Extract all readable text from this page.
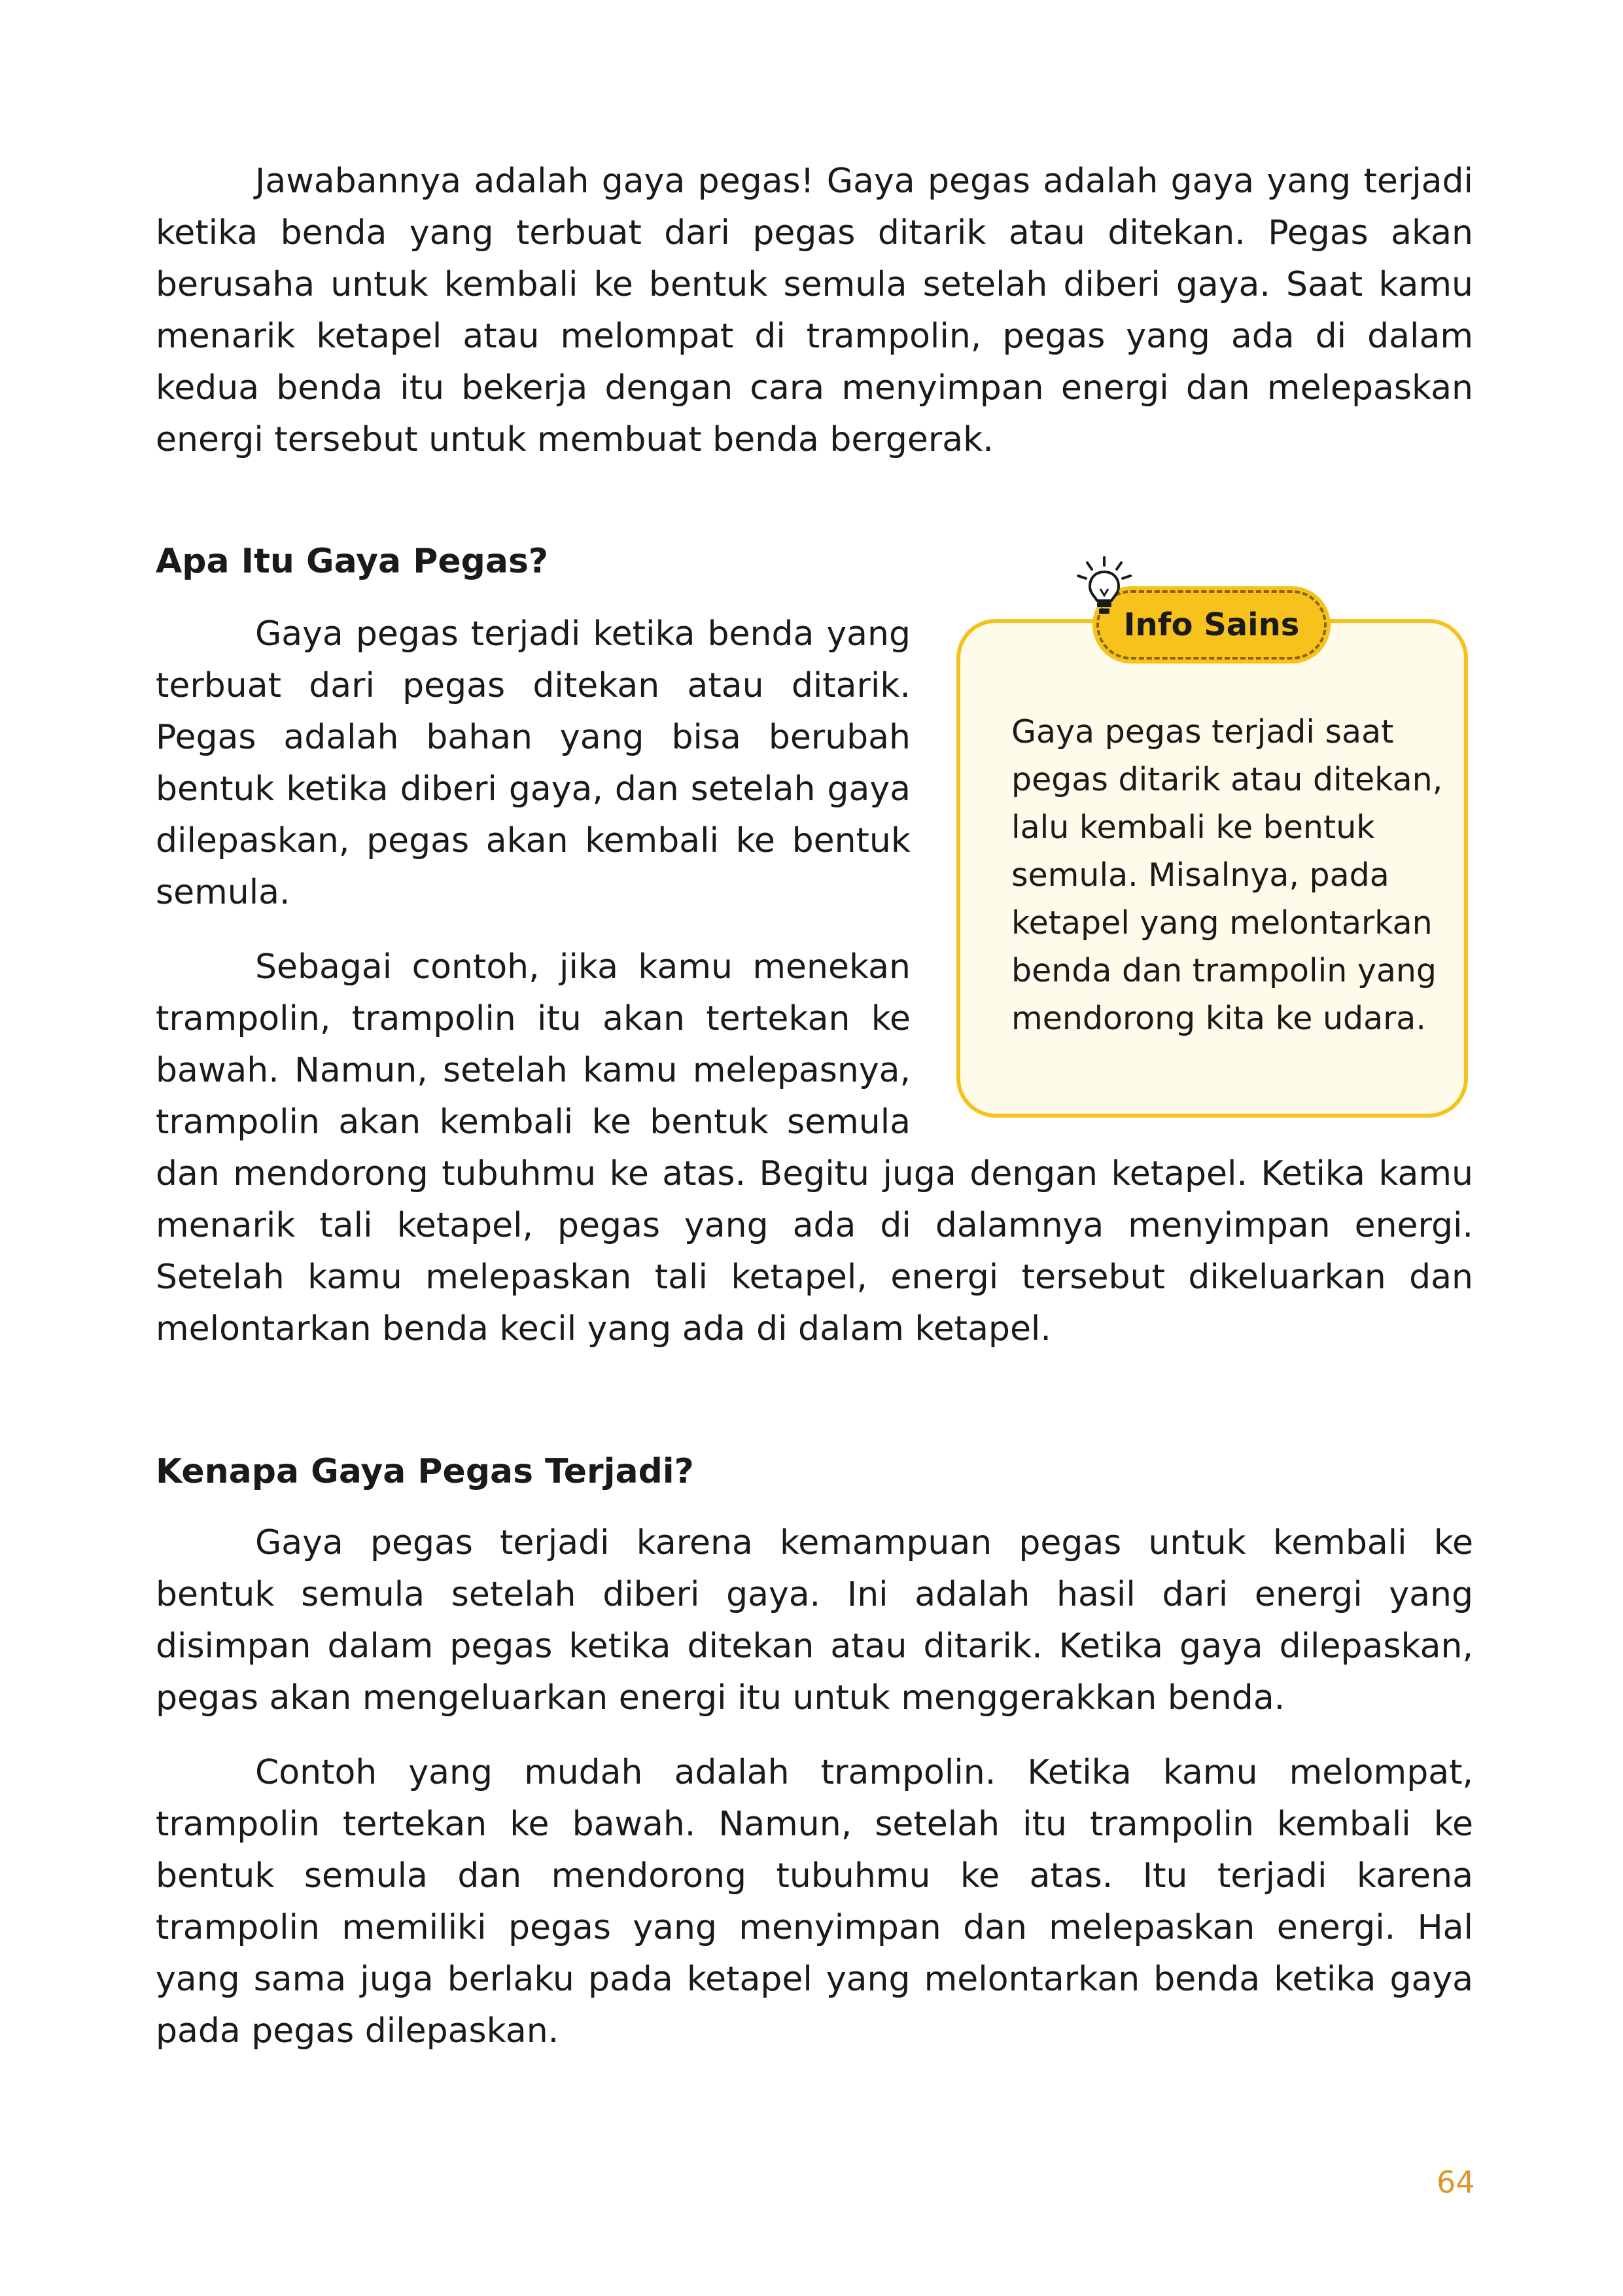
Jawabannya adalah gaya pegas! Gaya pegas adalah gaya yang terjadi ketika benda yang terbuat dari pegas ditarik atau ditekan. Pegas akan berusaha untuk kembali ke bentuk semula setelah diberi gaya. Saat kamu menarik ketapel atau melompat di trampolin, pegas yang ada di dalam kedua benda itu bekerja dengan cara menyimpan energi dan melepaskan energi tersebut untuk membuat benda bergerak.

Apa Itu Gaya Pegas?

Gaya pegas terjadi ketika benda yang terbuat dari pegas ditekan atau ditarik. Pegas adalah bahan yang bisa berubah bentuk ketika diberi gaya, dan setelah gaya dilepaskan, pegas akan kembali ke bentuk semula.

Sebagai contoh, jika kamu menekan trampolin, trampolin itu akan tertekan ke bawah. Namun, setelah kamu melepasnya, trampolin akan kembali ke bentuk semula dan mendorong tubuhmu ke atas. Begitu juga dengan ketapel. Ketika kamu menarik tali ketapel, pegas yang ada di dalamnya menyimpan energi. Setelah kamu melepaskan tali ketapel, energi tersebut dikeluarkan dan melontarkan benda kecil yang ada di dalam ketapel.

Gaya pegas terjadi saat pegas ditarik atau ditekan, lalu kembali ke bentuk semula. Misalnya, pada ketapel yang melontarkan benda dan trampolin yang mendorong kita ke udara.

Info Sains
Kenapa Gaya Pegas Terjadi?

Gaya pegas terjadi karena kemampuan pegas untuk kembali ke bentuk semula setelah diberi gaya. Ini adalah hasil dari energi yang disimpan dalam pegas ketika ditekan atau ditarik. Ketika gaya dilepaskan, pegas akan mengeluarkan energi itu untuk menggerakkan benda.

Contoh yang mudah adalah trampolin. Ketika kamu melompat, trampolin tertekan ke bawah. Namun, setelah itu trampolin kembali ke bentuk semula dan mendorong tubuhmu ke atas. Itu terjadi karena trampolin memiliki pegas yang menyimpan dan melepaskan energi. Hal yang sama juga berlaku pada ketapel yang melontarkan benda ketika gaya pada pegas dilepaskan.

64
